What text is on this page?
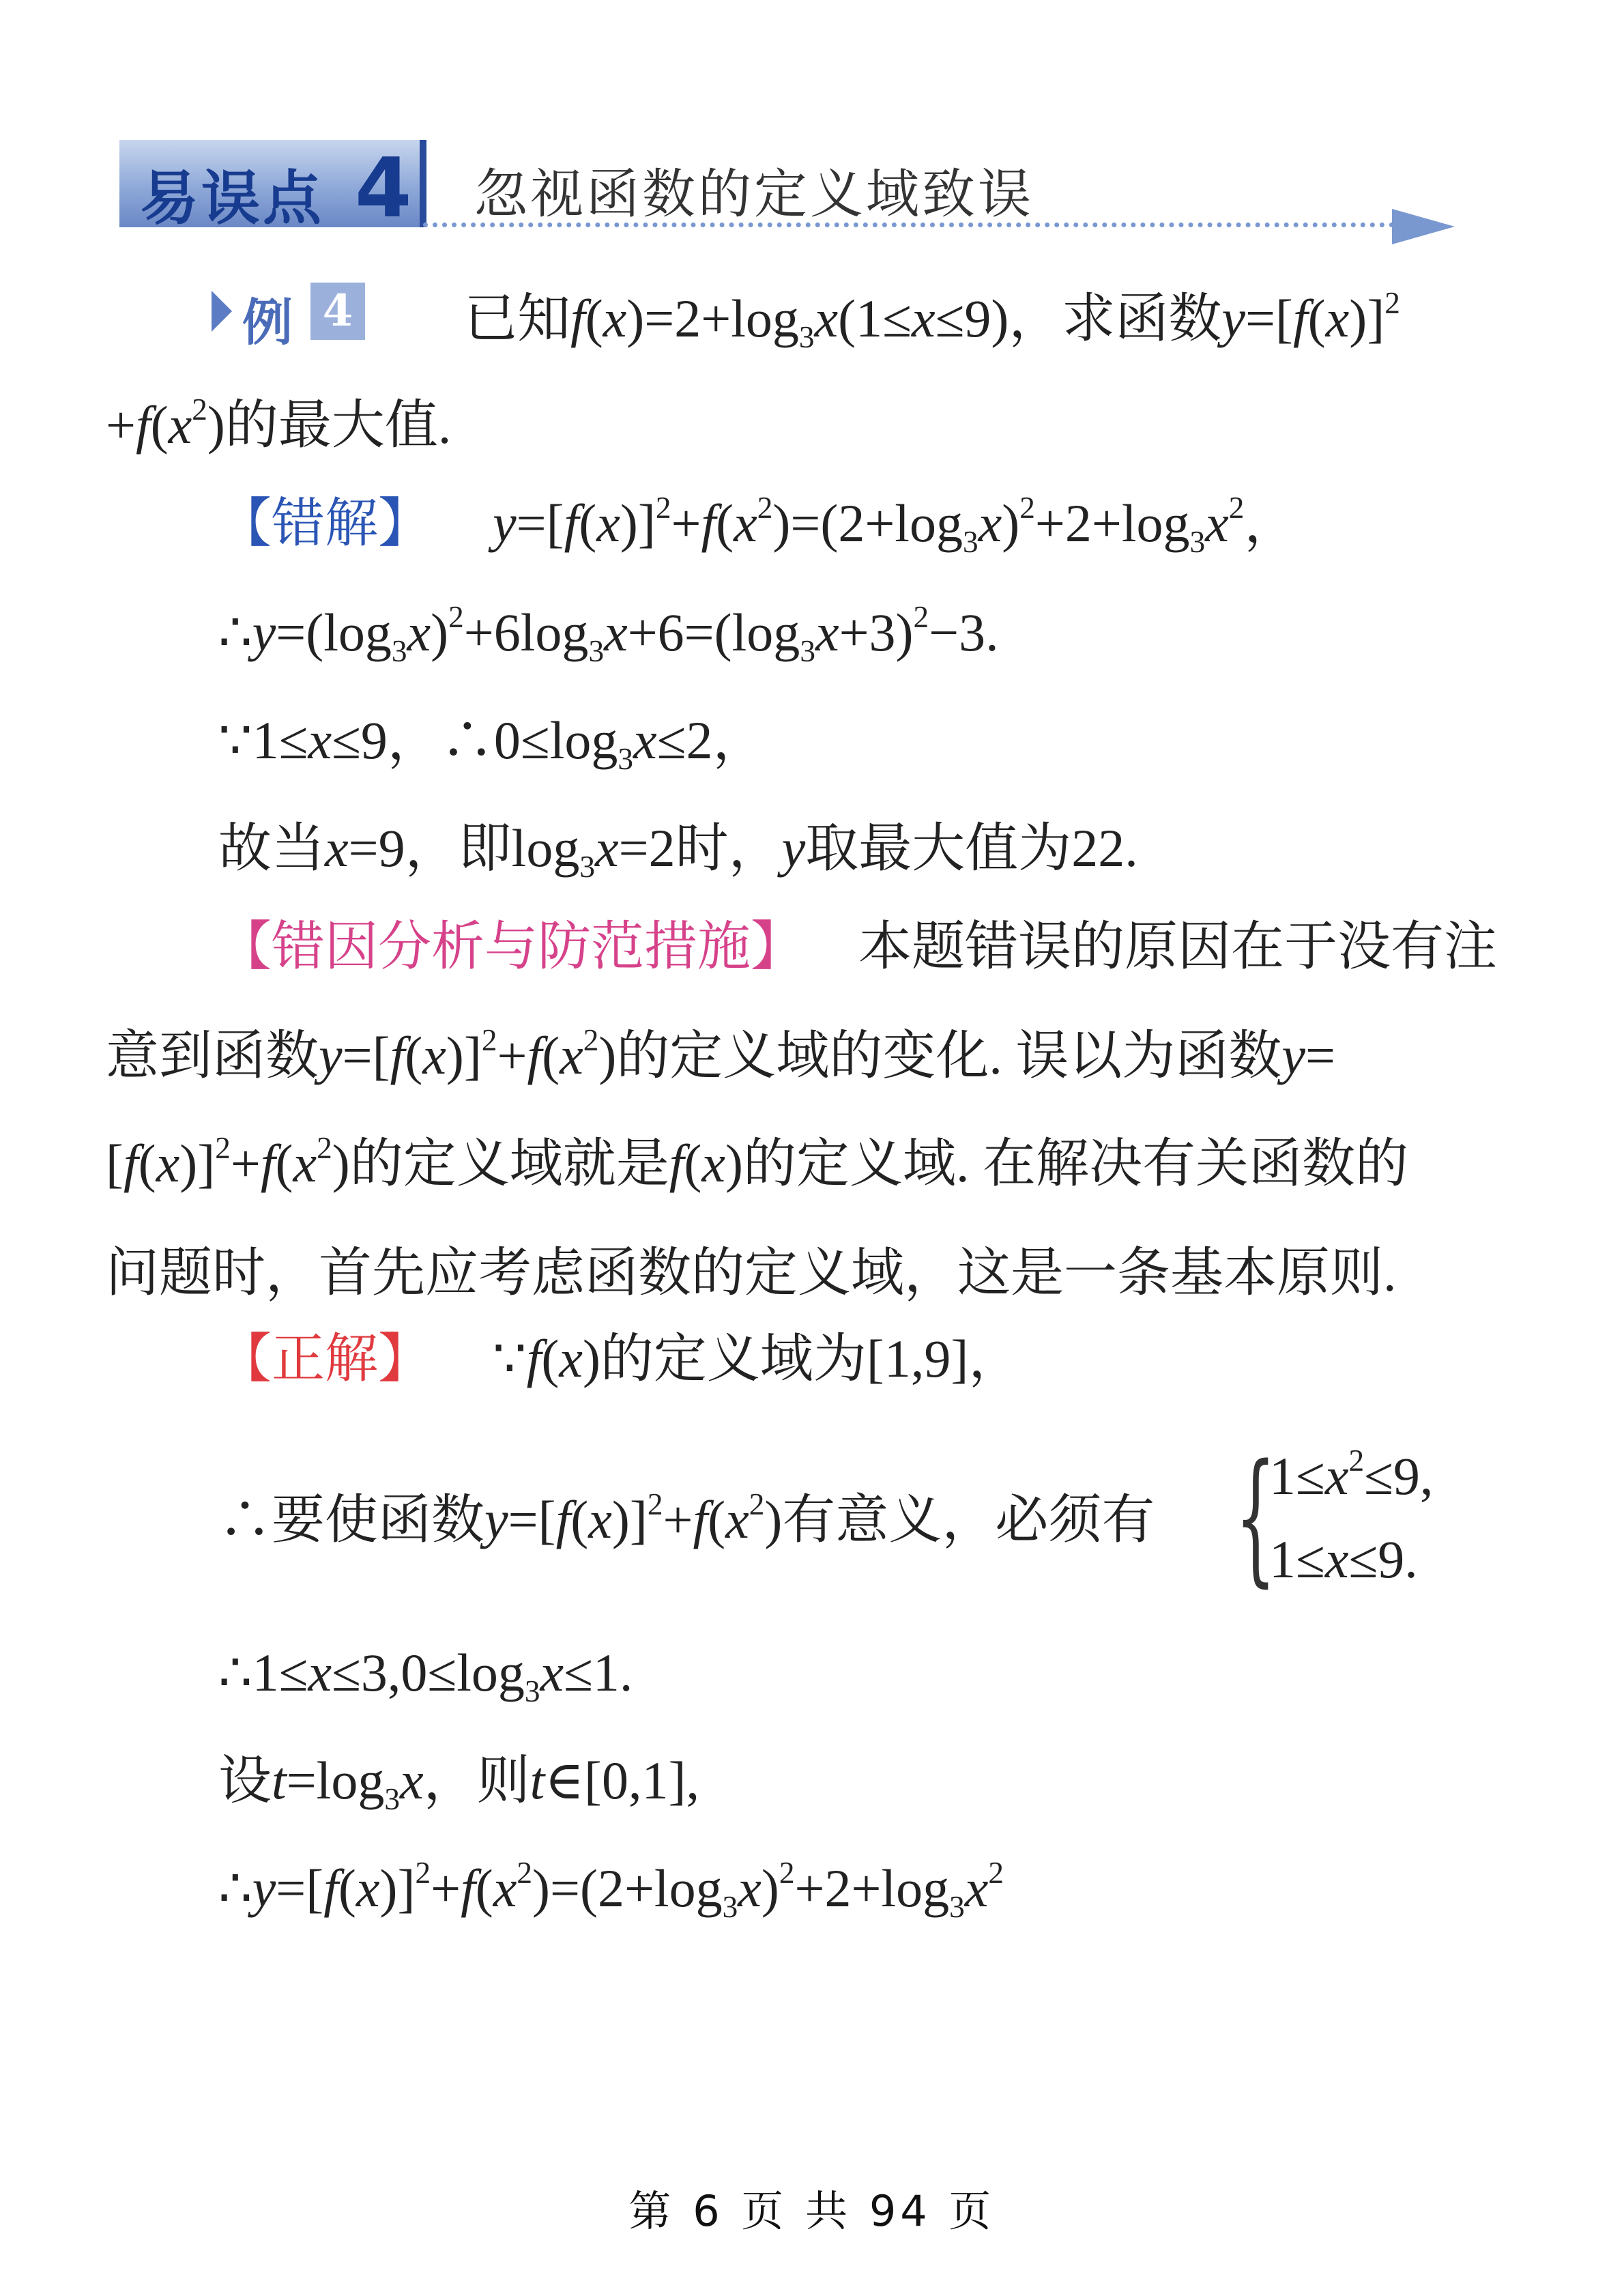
易误点 4 忽视函数的定义域致误
例 4 已知$f(x)=2+\log_3x(1\le x\le 9)$，求函数$y=[f(x)]^2$
$+f(x^2)$的最大值.
【错解】 $y=[f(x)]^2+f(x^2)=(2+\log_3x)^2+2+\log_3x^2$，
$\therefore y=(\log_3x)^2+6\log_3x+6=(\log_3x+3)^2-3$.
∵1≤x≤9，$\therefore 0\le\log_3x\le 2$，
故当x=9，即$\log_3x=2$时，y取最大值为22.
【错因分析与防范措施】 本题错误的原因在于没有注
意到函数$y=[f(x)]^2+f(x^2)$的定义域的变化. 误以为函数y=
$[f(x)]^2+f(x^2)$的定义域就是f(x)的定义域. 在解决有关函数的
问题时，首先应考虑函数的定义域，这是一条基本原则.
【正解】 ∵f(x)的定义域为[1,9]，
∴要使函数$y=[f(x)]^2+f(x^2)$有意义，必须有 {
$1\le x^2\le 9$,
1≤x≤9.
$\therefore 1\le x\le 3,0\le\log_3x\le 1$.
设$t=\log_3x$，则t∈[0,1],
$\therefore y=[f(x)]^2+f(x^2)=(2+\log_3x)^2+2+\log_3x^2$
第 6 页 共 94 页
